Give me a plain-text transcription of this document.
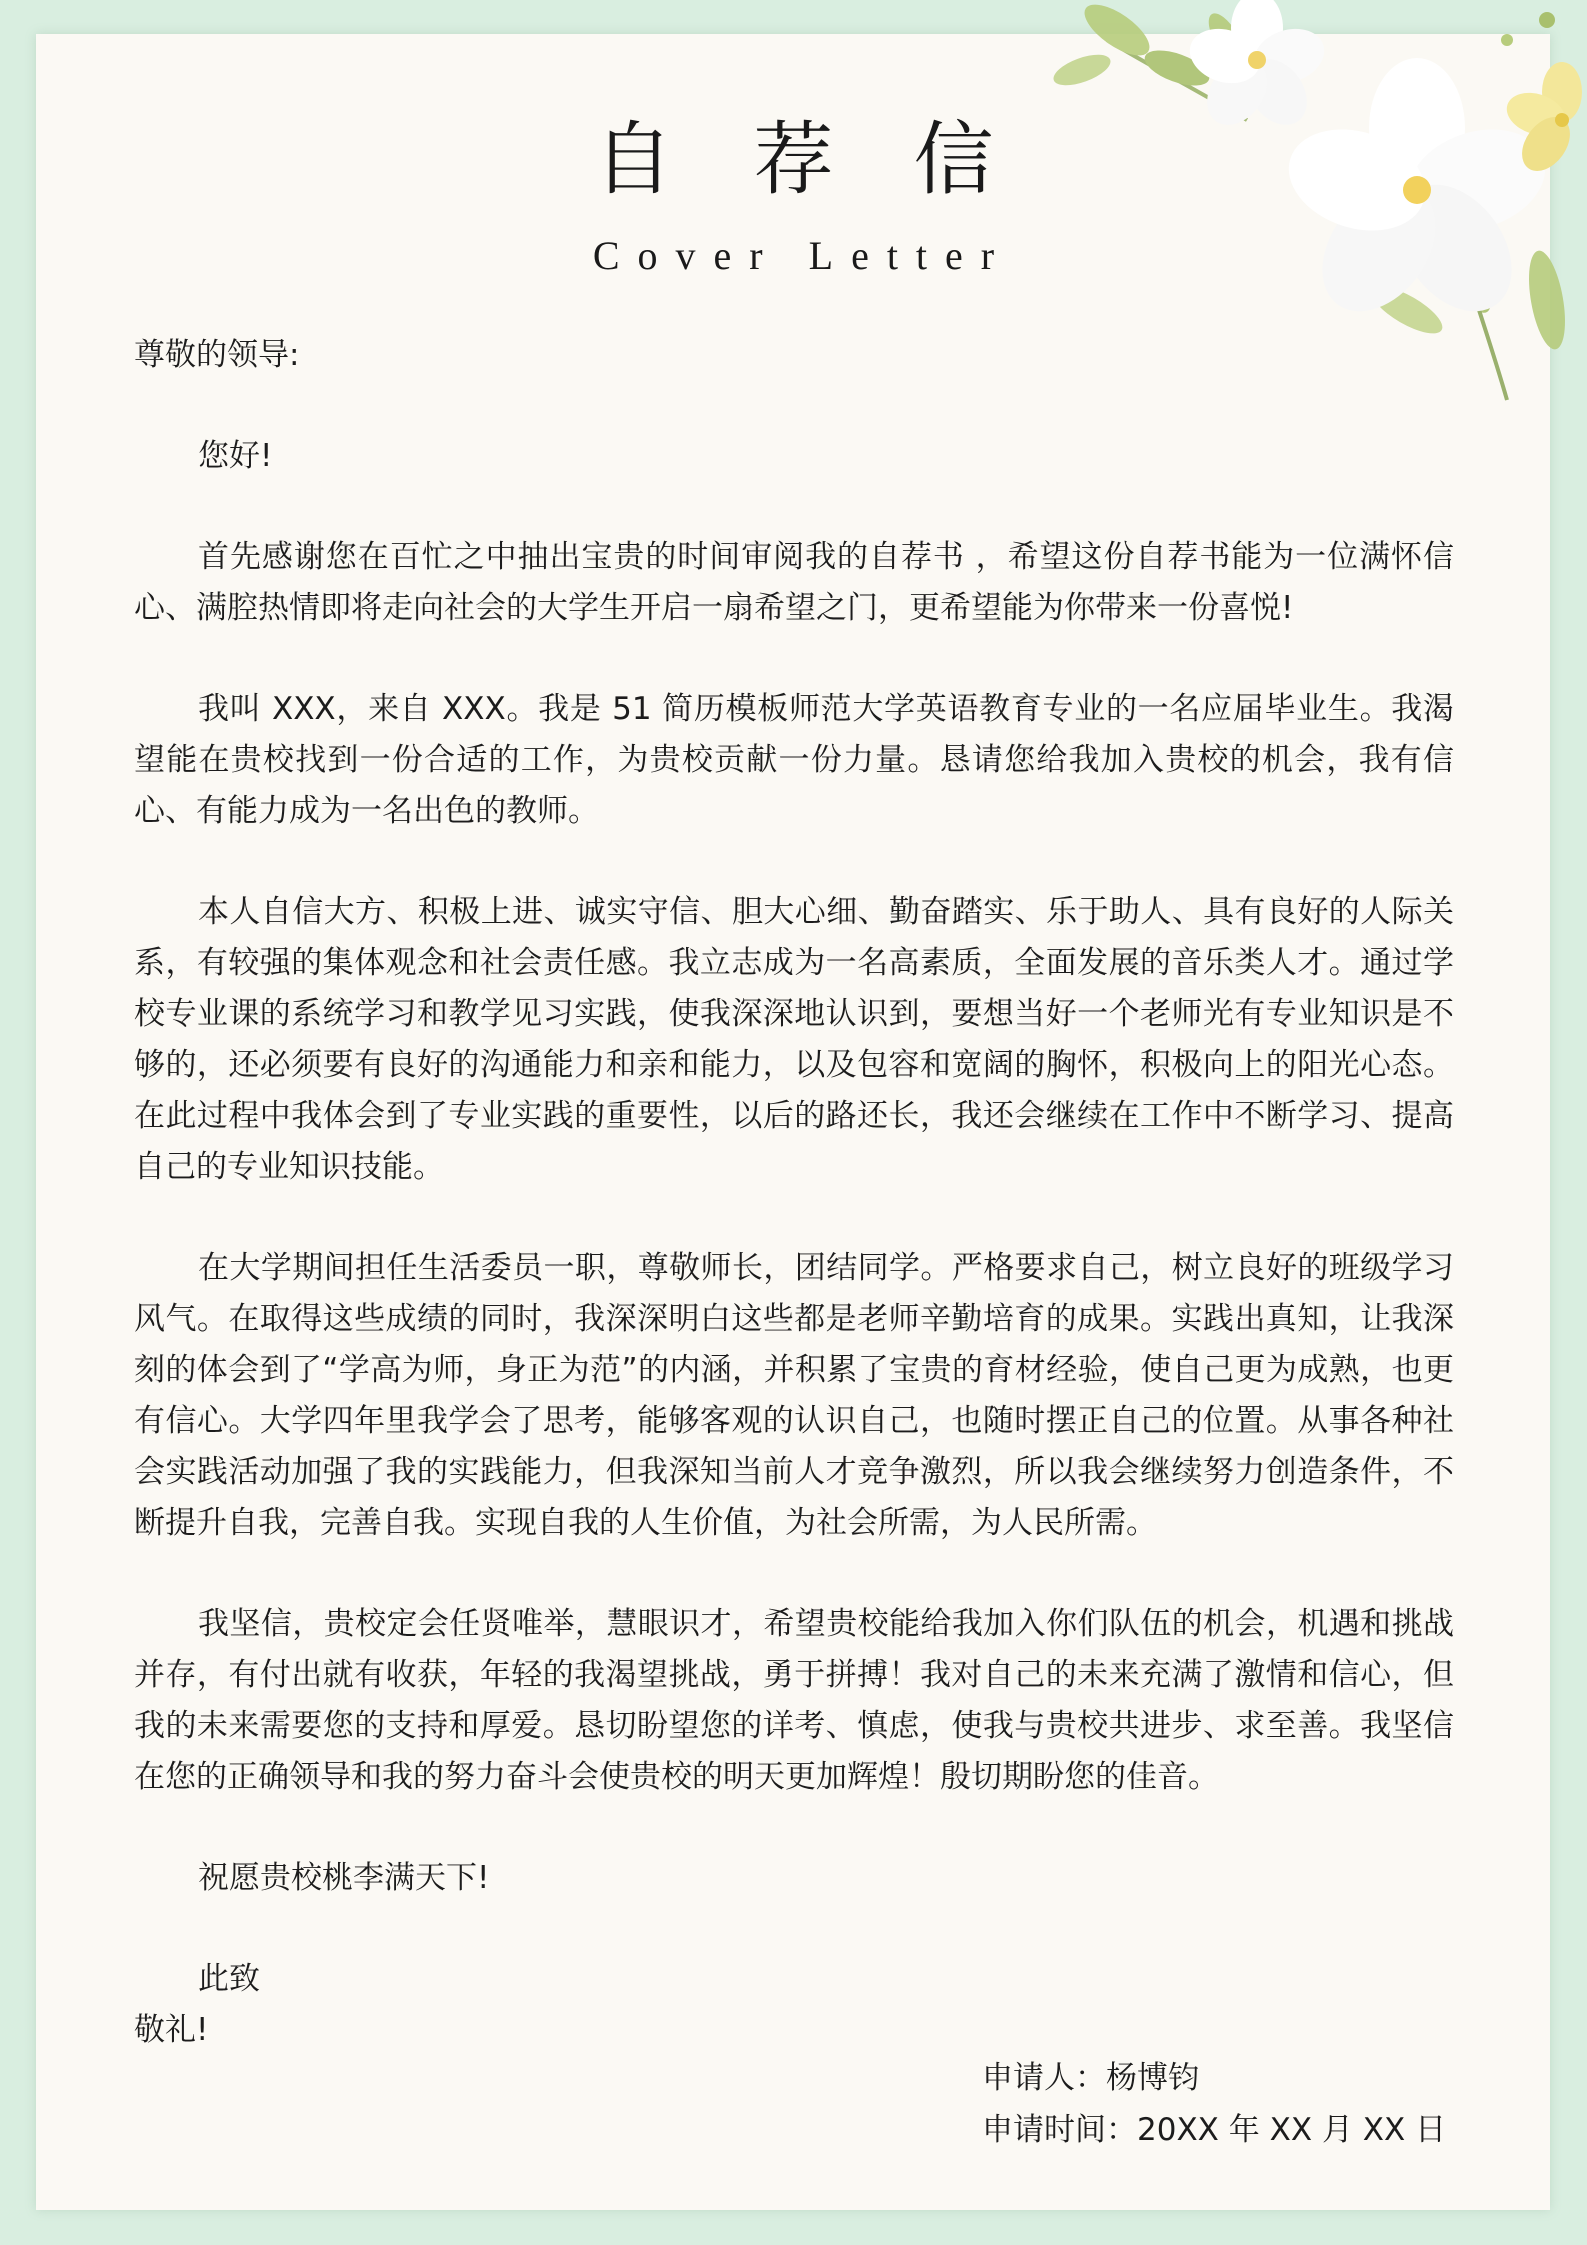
自荐信
Cover Letter
尊敬的领导:

您好!

首先感谢您在百忙之中抽出宝贵的时间审阅我的自荐书 ，希望这份自荐书能为一位满怀信心、满腔热情即将走向社会的大学生开启一扇希望之门，更希望能为你带来一份喜悦!

我叫 XXX，来自 XXX。我是 51 简历模板师范大学英语教育专业的一名应届毕业生。我渴望能在贵校找到一份合适的工作，为贵校贡献一份力量。恳请您给我加入贵校的机会，我有信心、有能力成为一名出色的教师。

本人自信大方、积极上进、诚实守信、胆大心细、勤奋踏实、乐于助人、具有良好的人际关系，有较强的集体观念和社会责任感。我立志成为一名高素质，全面发展的音乐类人才。通过学校专业课的系统学习和教学见习实践，使我深深地认识到，要想当好一个老师光有专业知识是不够的，还必须要有良好的沟通能力和亲和能力，以及包容和宽阔的胸怀，积极向上的阳光心态。在此过程中我体会到了专业实践的重要性，以后的路还长，我还会继续在工作中不断学习、提高自己的专业知识技能。

在大学期间担任生活委员一职，尊敬师长，团结同学。严格要求自己，树立良好的班级学习风气。在取得这些成绩的同时，我深深明白这些都是老师辛勤培育的成果。实践出真知，让我深刻的体会到了“学高为师，身正为范”的内涵，并积累了宝贵的育材经验，使自己更为成熟，也更有信心。大学四年里我学会了思考，能够客观的认识自己，也随时摆正自己的位置。从事各种社会实践活动加强了我的实践能力，但我深知当前人才竞争激烈，所以我会继续努力创造条件，不断提升自我，完善自我。实现自我的人生价值，为社会所需，为人民所需。

我坚信，贵校定会任贤唯举，慧眼识才，希望贵校能给我加入你们队伍的机会，机遇和挑战并存，有付出就有收获，年轻的我渴望挑战，勇于拼搏！我对自己的未来充满了激情和信心，但我的未来需要您的支持和厚爱。恳切盼望您的详考、慎虑，使我与贵校共进步、求至善。我坚信在您的正确领导和我的努力奋斗会使贵校的明天更加辉煌！殷切期盼您的佳音。

祝愿贵校桃李满天下!

此致
敬礼!
申请人：杨博钧
申请时间：20XX 年 XX 月 XX 日
